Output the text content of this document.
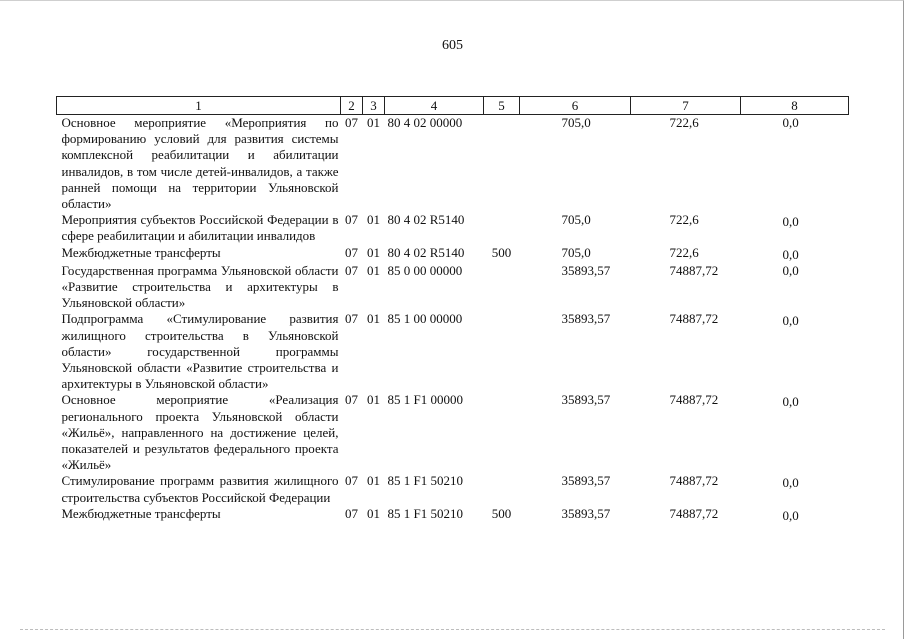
605
1	2	3	4	5	6	7	8
Основное мероприятие «Мероприятия по формированию условий для развития системы комплексной реабилитации и абилитации инвалидов, в том числе детей-инвалидов, а также ранней помощи на территории Ульяновской области»	07	01	80 4 02 00000		705,0	722,6	0,0
Мероприятия субъектов Российской Федерации в сфере реабилитации и абилитации инвалидов	07	01	80 4 02 R5140		705,0	722,6	0,0
Межбюджетные трансферты	07	01	80 4 02 R5140	500	705,0	722,6	0,0
Государственная программа Ульяновской области «Развитие строительства и архитектуры в Ульяновской области»	07	01	85 0 00 00000		35893,57	74887,72	0,0
Подпрограмма «Стимулирование развития жилищного строительства в Ульяновской области» государственной программы Ульяновской области «Развитие строительства и архитектуры в Ульяновской области»	07	01	85 1 00 00000		35893,57	74887,72	0,0
Основное мероприятие «Реализация регионального проекта Ульяновской области «Жильё», направленного на достижение целей, показателей и результатов федерального проекта «Жильё»	07	01	85 1 F1 00000		35893,57	74887,72	0,0
Стимулирование программ развития жилищного строительства субъектов Российской Федерации	07	01	85 1 F1 50210		35893,57	74887,72	0,0
Межбюджетные трансферты	07	01	85 1 F1 50210	500	35893,57	74887,72	0,0
